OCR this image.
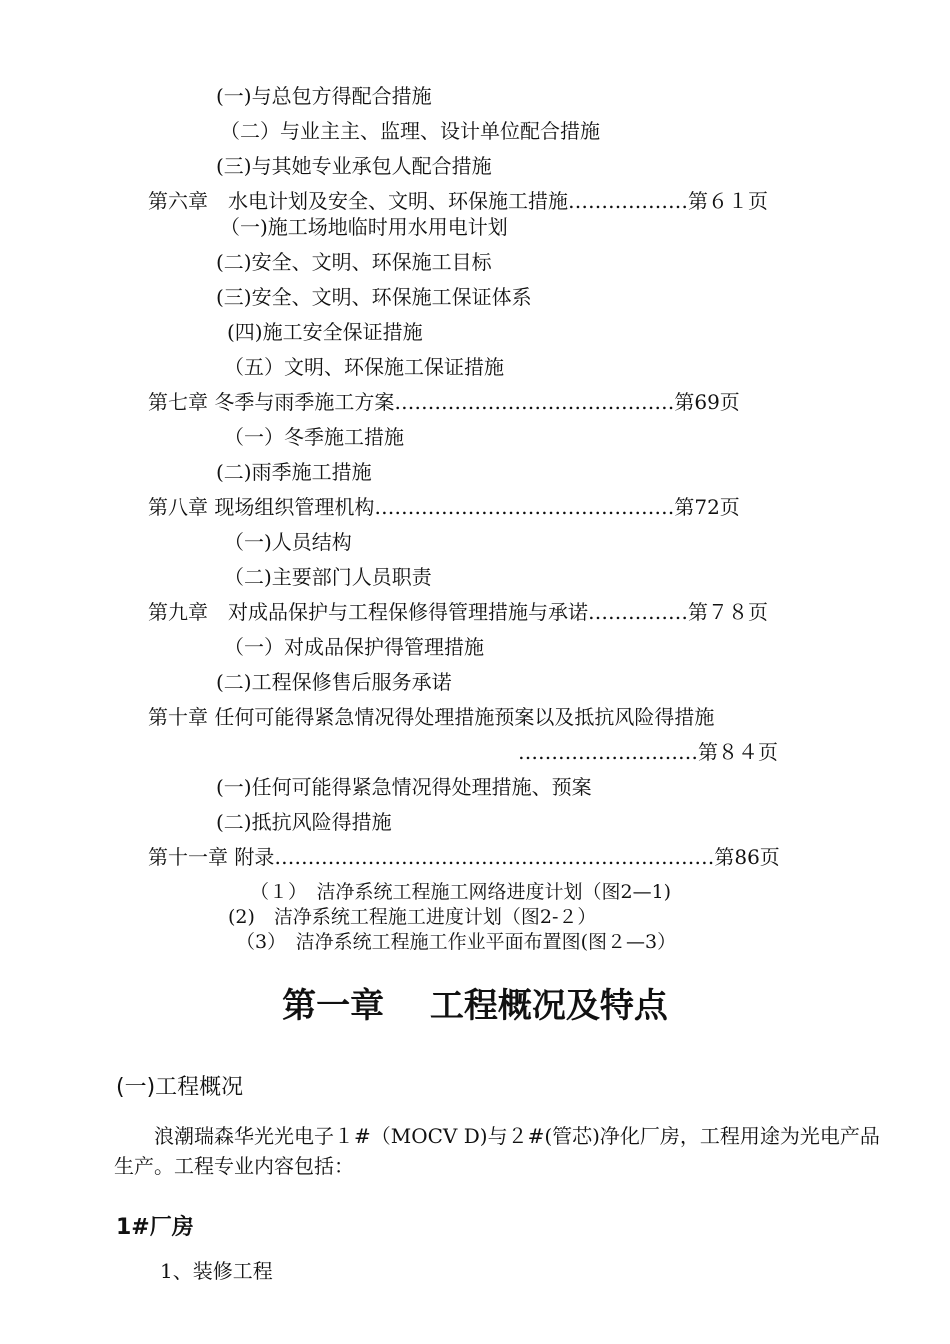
(一)与总包方得配合措施
（二）与业主主、监理、设计单位配合措施
(三)与其她专业承包人配合措施
第六章　水电计划及安全、文明、环保施工措施………………第６１页
（一)施工场地临时用水用电计划
(二)安全、文明、环保施工目标
(三)安全、文明、环保施工保证体系
(四)施工安全保证措施
（五）文明、环保施工保证措施
第七章 冬季与雨季施工方案……………………………………第69页
（一）冬季施工措施
(二)雨季施工措施
第八章 现场组织管理机构………………………………………第72页
（一)人员结构
（二)主要部门人员职责
第九章　对成品保护与工程保修得管理措施与承诺……………第７８页
（一）对成品保护得管理措施
(二)工程保修售后服务承诺
第十章 任何可能得紧急情况得处理措施预案以及抵抗风险得措施
………………………第８４页
(一)任何可能得紧急情况得处理措施、预案
(二)抵抗风险得措施
第十一章 附录…………………………………………………………第86页
（１）　洁净系统工程施工网络进度计划（图2—1)
(2)　洁净系统工程施工进度计划（图2-２）
（3）　洁净系统工程施工作业平面布置图(图２—3）
第一章　 工程概况及特点
(一)工程概况
　　浪潮瑞森华光光电子１#（MOCV D)与２#(管芯)净化厂房，工程用途为光电产品生产。工程专业内容包括：
1#厂房
1、装修工程
